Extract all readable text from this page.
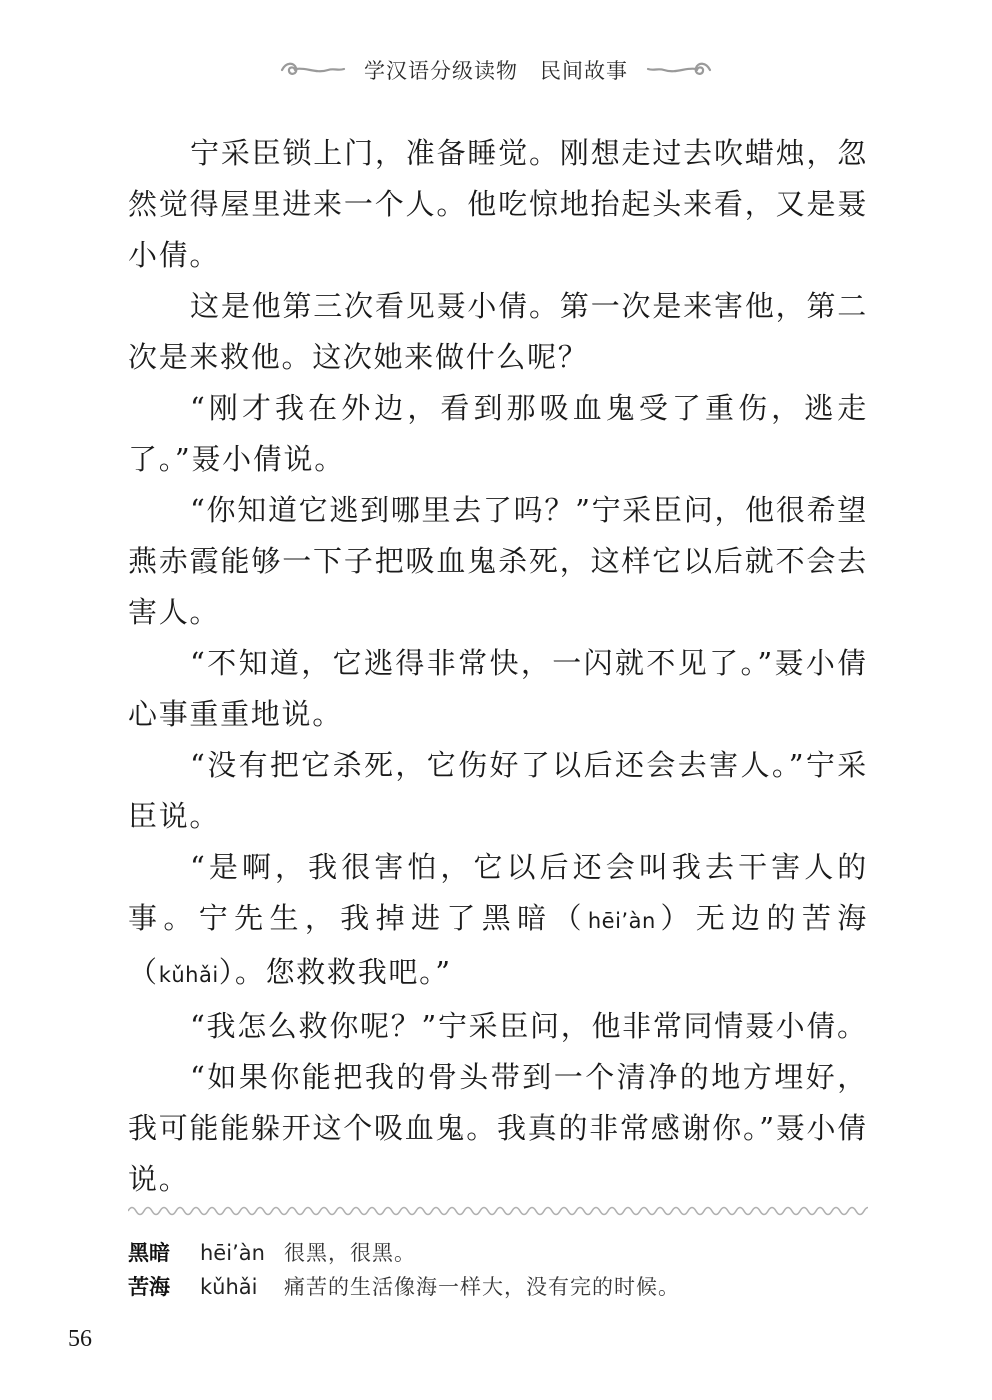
学汉语分级读物 民间故事

宁采臣锁上门，准备睡觉。刚想走过去吹蜡烛，忽然觉得屋里进来一个人。他吃惊地抬起头来看，又是聂小倩。

这是他第三次看见聂小倩。第一次是来害他，第二次是来救他。这次她来做什么呢？

“刚才我在外边，看到那吸血鬼受了重伤，逃走了。”聂小倩说。

“你知道它逃到哪里去了吗？”宁采臣问，他很希望燕赤霞能够一下子把吸血鬼杀死，这样它以后就不会去害人。

“不知道，它逃得非常快，一闪就不见了。”聂小倩心事重重地说。

“没有把它杀死，它伤好了以后还会去害人。”宁采臣说。

“是啊，我很害怕，它以后还会叫我去干害人的事。宁先生，我掉进了黑暗（hēi’àn）无边的苦海（kǔhǎi）。您救救我吧。”

“我怎么救你呢？”宁采臣问，他非常同情聂小倩。

“如果你能把我的骨头带到一个清净的地方埋好，我可能能躲开这个吸血鬼。我真的非常感谢你。”聂小倩说。

黑暗 hēi’àn 很黑，很黑。
苦海 kǔhǎi 痛苦的生活像海一样大，没有完的时候。
56
